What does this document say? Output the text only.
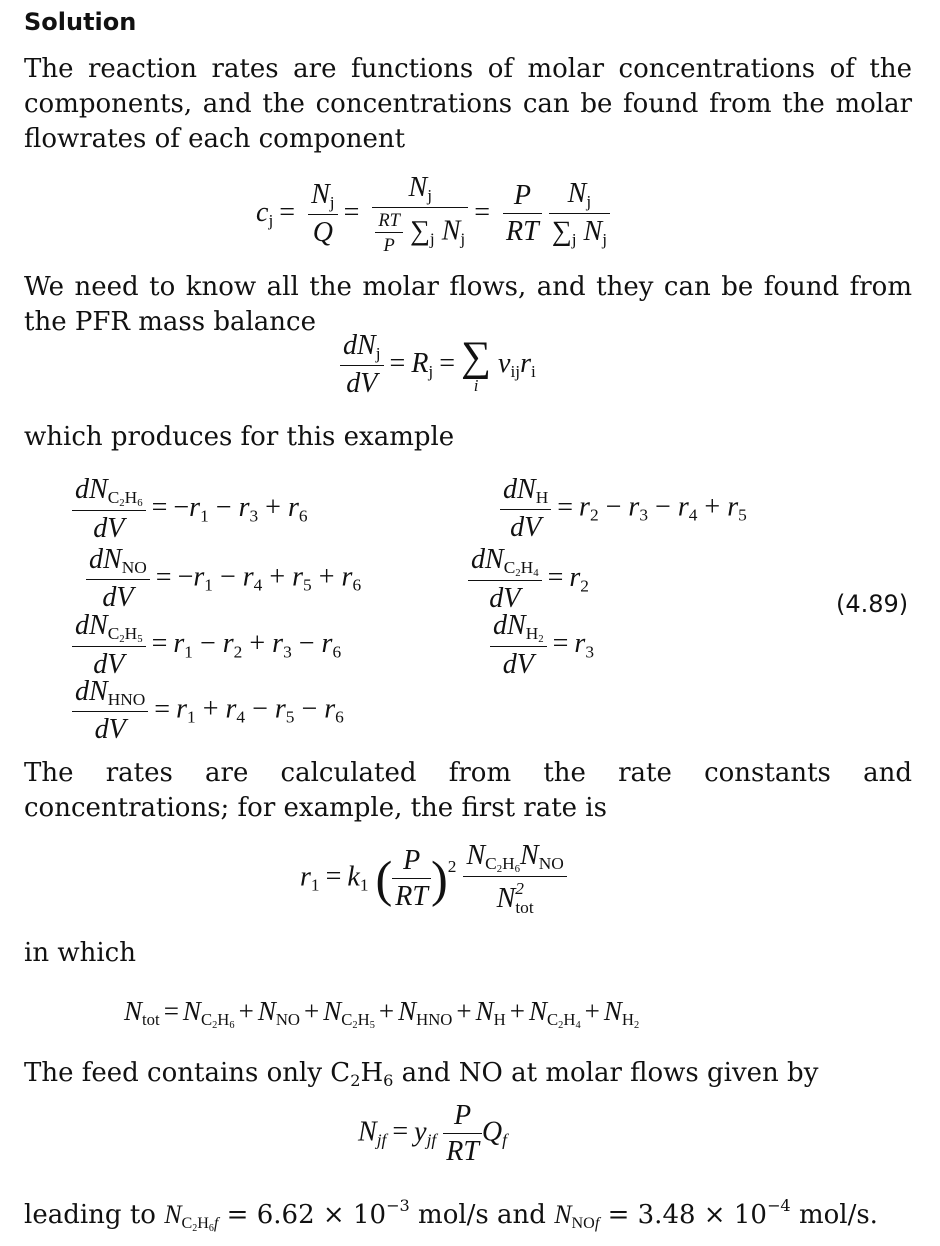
Solution
The reaction rates are functions of molar concentrations of the components, and the concentrations can be found from the molar flowrates of each component
$c_j = \frac{N_j}{Q} = \frac{N_j}{\frac{RT}{P} \sum_j N_j} = \frac{P}{RT}$
$\frac{N_j}{\sum_j N_j}$
We need to know all the molar flows, and they can be found from the PFR mass balance
$\frac{dN_j}{dV} = R_j$ = ∑
i
$\nu_{ij}r_i$
which produces for this example
$\frac{dN_{C_2H_6}}{dV} = -r_1 - r_3 + r_6$
$\frac{dN_{NO}}{dV} = -r_1 - r_4 + r_5 + r_6$
$\frac{dN_{C_2H_5}}{dV} = r_1 - r_2 + r_3 - r_6$
$\frac{dN_{HNO}}{dV} = r_1 + r_4 - r_5 - r_6$
$\frac{dN_H}{dV} = r_2 - r_3 - r_4 + r_5$
$\frac{dN_{C_2H_4}}{dV} = r_2$
$\frac{dN_{H_2}}{dV} = r_3$
(4.89)
The rates are calculated from the rate constants and concentrations; for example, the first rate is
$r_1 = k_1$ ( $\frac{P}{RT} )^2 \frac{N_{C_2H_6}N_{NO}}{N^2_{tot}}$
in which
$N_{tot} = N_{C_2H_6} + N_{NO} + N_{C_2H_5} + N_{HNO} + N_H + N_{C_2H_4} + N_{H_2}$
The feed contains only $C_2H_6$ and NO at molar flows given by
$N_{jf} = y_{jf} \frac{P}{RT} Q_f$
leading to $N_{C_2H_6f} = 6.62 \times 10^{-3}$ mol/s and $N_{NOf} = 3.48 \times 10^{-4}$ mol/s.
